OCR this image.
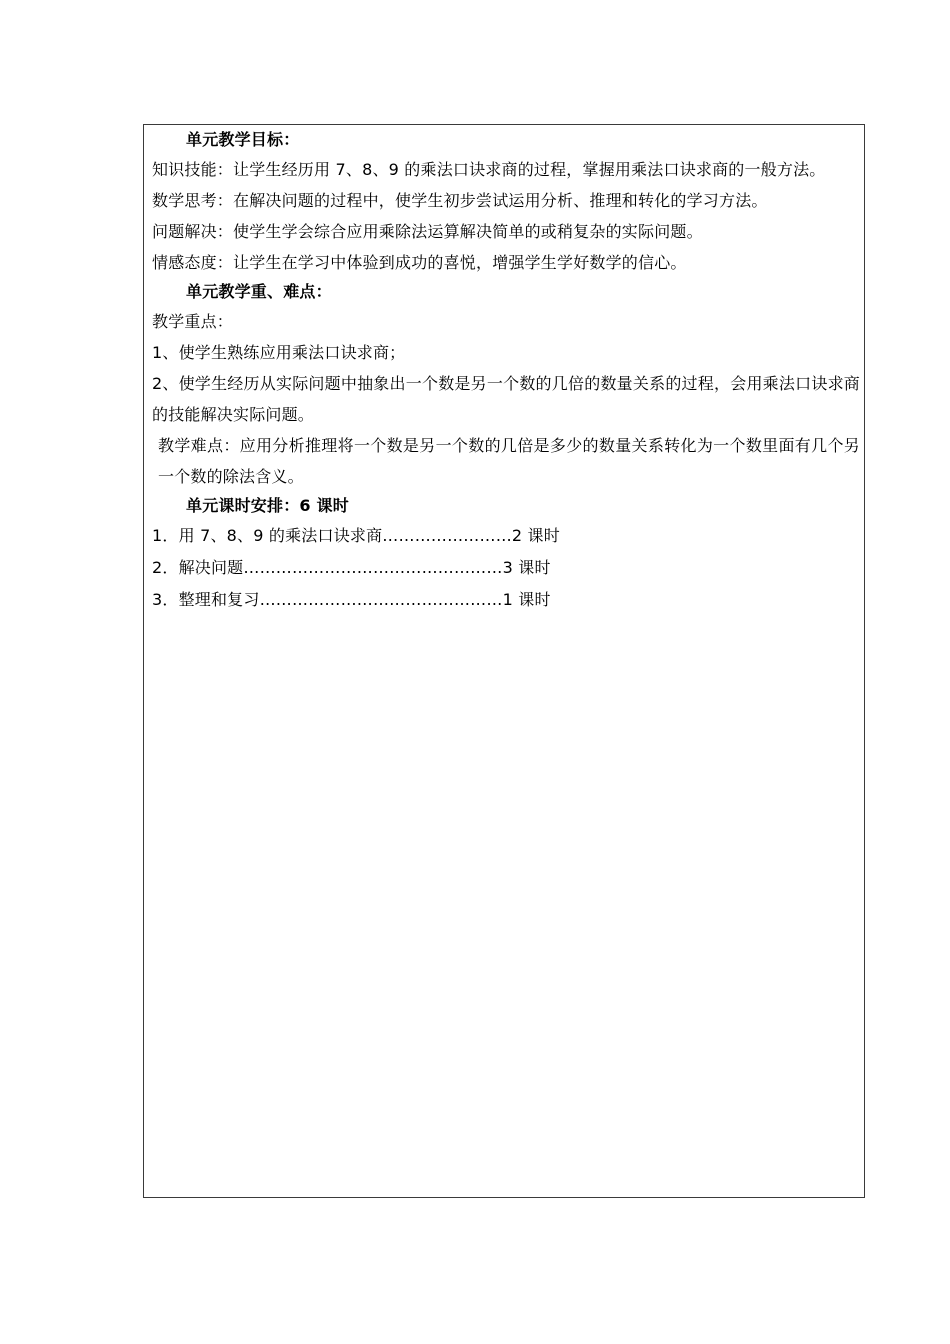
单元教学目标：
知识技能：让学生经历用 7、8、9 的乘法口诀求商的过程，掌握用乘法口诀求商的一般方法。
数学思考：在解决问题的过程中，使学生初步尝试运用分析、推理和转化的学习方法。
问题解决：使学生学会综合应用乘除法运算解决简单的或稍复杂的实际问题。
情感态度：让学生在学习中体验到成功的喜悦，增强学生学好数学的信心。
单元教学重、难点：
教学重点：
1、使学生熟练应用乘法口诀求商；
2、使学生经历从实际问题中抽象出一个数是另一个数的几倍的数量关系的过程，会用乘法口诀求商的技能解决实际问题。
教学难点：应用分析推理将一个数是另一个数的几倍是多少的数量关系转化为一个数里面有几个另一个数的除法含义。
单元课时安排：6 课时
1．用 7、8、9 的乘法口诀求商……………………2 课时
2．解决问题…………………………………………3 课时
3．整理和复习………………………………………1 课时
